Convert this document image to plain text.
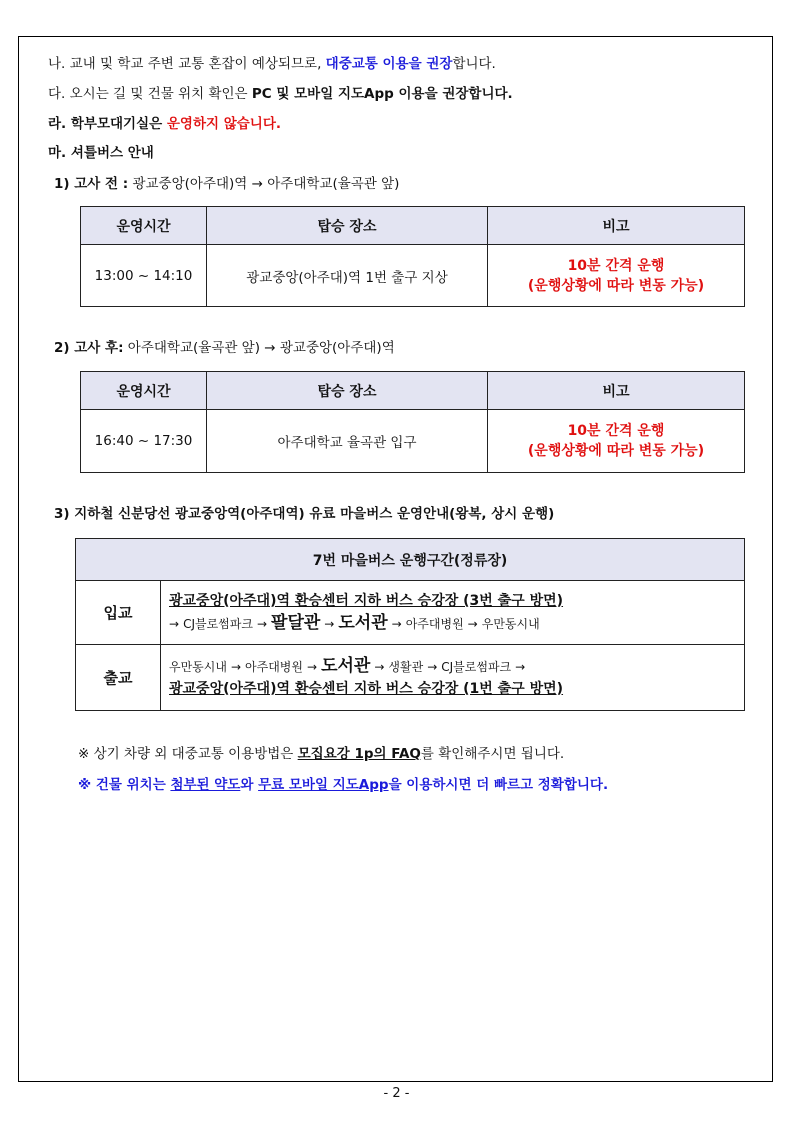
나. 교내 및 학교 주변 교통 혼잡이 예상되므로, 대중교통 이용을 권장합니다.
다. 오시는 길 및 건물 위치 확인은 PC 및 모바일 지도App 이용을 권장합니다.
라. 학부모대기실은 운영하지 않습니다.
마. 셔틀버스 안내
1) 고사 전 : 광교중앙(아주대)역 → 아주대학교(율곡관 앞)
운영시간	탑승 장소	비고
13:00 ~ 14:10	광교중앙(아주대)역 1번 출구 지상	10분 간격 운행
(운행상황에 따라 변동 가능)
2) 고사 후: 아주대학교(율곡관 앞) → 광교중앙(아주대)역
운영시간	탑승 장소	비고
16:40 ~ 17:30	아주대학교 율곡관 입구	10분 간격 운행
(운행상황에 따라 변동 가능)
3) 지하철 신분당선 광교중앙역(아주대역) 유료 마을버스 운영안내(왕복, 상시 운행)
7번 마을버스 운행구간(정류장)	
입교	광교중앙(아주대)역 환승센터 지하 버스 승강장 (3번 출구 방면)
→ CJ블로썸파크 → 팔달관 → 도서관 → 아주대병원 → 우만동시내

출교	우만동시내 → 아주대병원 → 도서관 → 생활관 → CJ블로썸파크 →
광교중앙(아주대)역 환승센터 지하 버스 승강장 (1번 출구 방면)
※ 상기 차량 외 대중교통 이용방법은 모집요강 1p의 FAQ를 확인해주시면 됩니다.
※ 건물 위치는 첨부된 약도와 무료 모바일 지도App을 이용하시면 더 빠르고 정확합니다.
- 2 -
